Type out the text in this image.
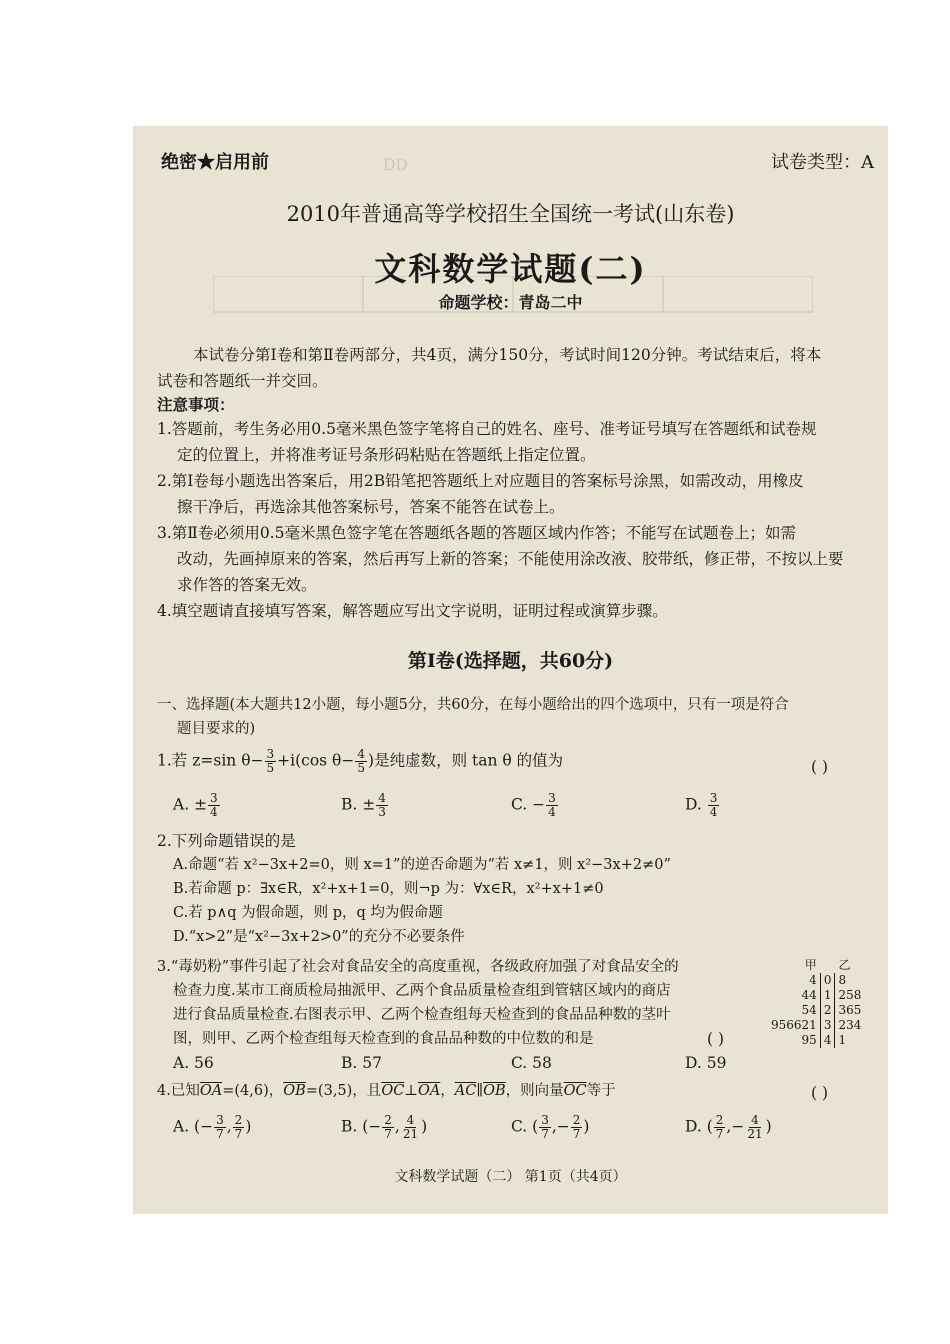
DD
绝密★启用前	试卷类型：A
2010年普通高等学校招生全国统一考试(山东卷)
文科数学试题(二)
命题学校：青岛二中
本试卷分第Ⅰ卷和第Ⅱ卷两部分，共4页，满分150分，考试时间120分钟。考试结束后，将本
试卷和答题纸一并交回。
注意事项：
1.答题前，考生务必用0.5毫米黑色签字笔将自己的姓名、座号、准考证号填写在答题纸和试卷规
定的位置上，并将准考证号条形码粘贴在答题纸上指定位置。
2.第Ⅰ卷每小题选出答案后，用2B铅笔把答题纸上对应题目的答案标号涂黑，如需改动，用橡皮
擦干净后，再选涂其他答案标号，答案不能答在试卷上。
3.第Ⅱ卷必须用0.5毫米黑色签字笔在答题纸各题的答题区域内作答；不能写在试题卷上；如需
改动，先画掉原来的答案，然后再写上新的答案；不能使用涂改液、胶带纸，修正带，不按以上要
求作答的答案无效。
4.填空题请直接填写答案，解答题应写出文字说明，证明过程或演算步骤。
第Ⅰ卷(选择题，共60分)
一、选择题(本大题共12小题，每小题5分，共60分，在每小题给出的四个选项中，只有一项是符合
题目要求的)
1.若 z=sin $\theta- \frac{3}{5} +i(\cos$ $\theta- \frac{4}{5}$ )是纯虚数，则 tan θ 的值为	( )
A. ± $\frac{3}{4}$	B. ± $\frac{4}{3}$	C. − $\frac{3}{4}$	D. $\frac{3}{4}$
2.下列命题错误的是
A.命题“若 x²−3x+2=0，则 x=1”的逆否命题为“若 x≠1，则 x²−3x+2≠0”
B.若命题 p：∃x∈R，x²+x+1=0，则¬p 为：∀x∈R，x²+x+1≠0
C.若 p∧q 为假命题，则 p，q 均为假命题
D.“x>2”是“x²−3x+2>0”的充分不必要条件
3.“毒奶粉”事件引起了社会对食品安全的高度重视，各级政府加强了对食品安全的
检查力度.某市工商质检局抽派甲、乙两个食品质量检查组到管辖区域内的商店
进行食品质量检查.右图表示甲、乙两个检查组每天检查到的食品品种数的茎叶
图，则甲、乙两个检查组每天检查到的食品品种数的中位数的和是	( )
A. 56	B. 57	C. 58	D. 59
甲		乙
4	0	8
44	1	258
54	2	365
956621	3	234
95	4	1
4.已知$\overline{OA}=(4,6)$，$\overline{OB}=(3,5)$，且$\overline{OC}\perp\overline{OA}$，$\overline{AC}\parallel\overline{OB}$，则向量$\overline{OC}$等于	( )
A. (− $\frac{3}{7}$ , $\frac{2}{7}$ )	B. (− $\frac{2}{7}$ , $\frac{4}{21}$ )	C. ( $\frac{3}{7}$ ,− $\frac{2}{7}$ )	D. ( $\frac{2}{7}$ ,− $\frac{4}{21}$ )
文科数学试题（二） 第1页（共4页）
